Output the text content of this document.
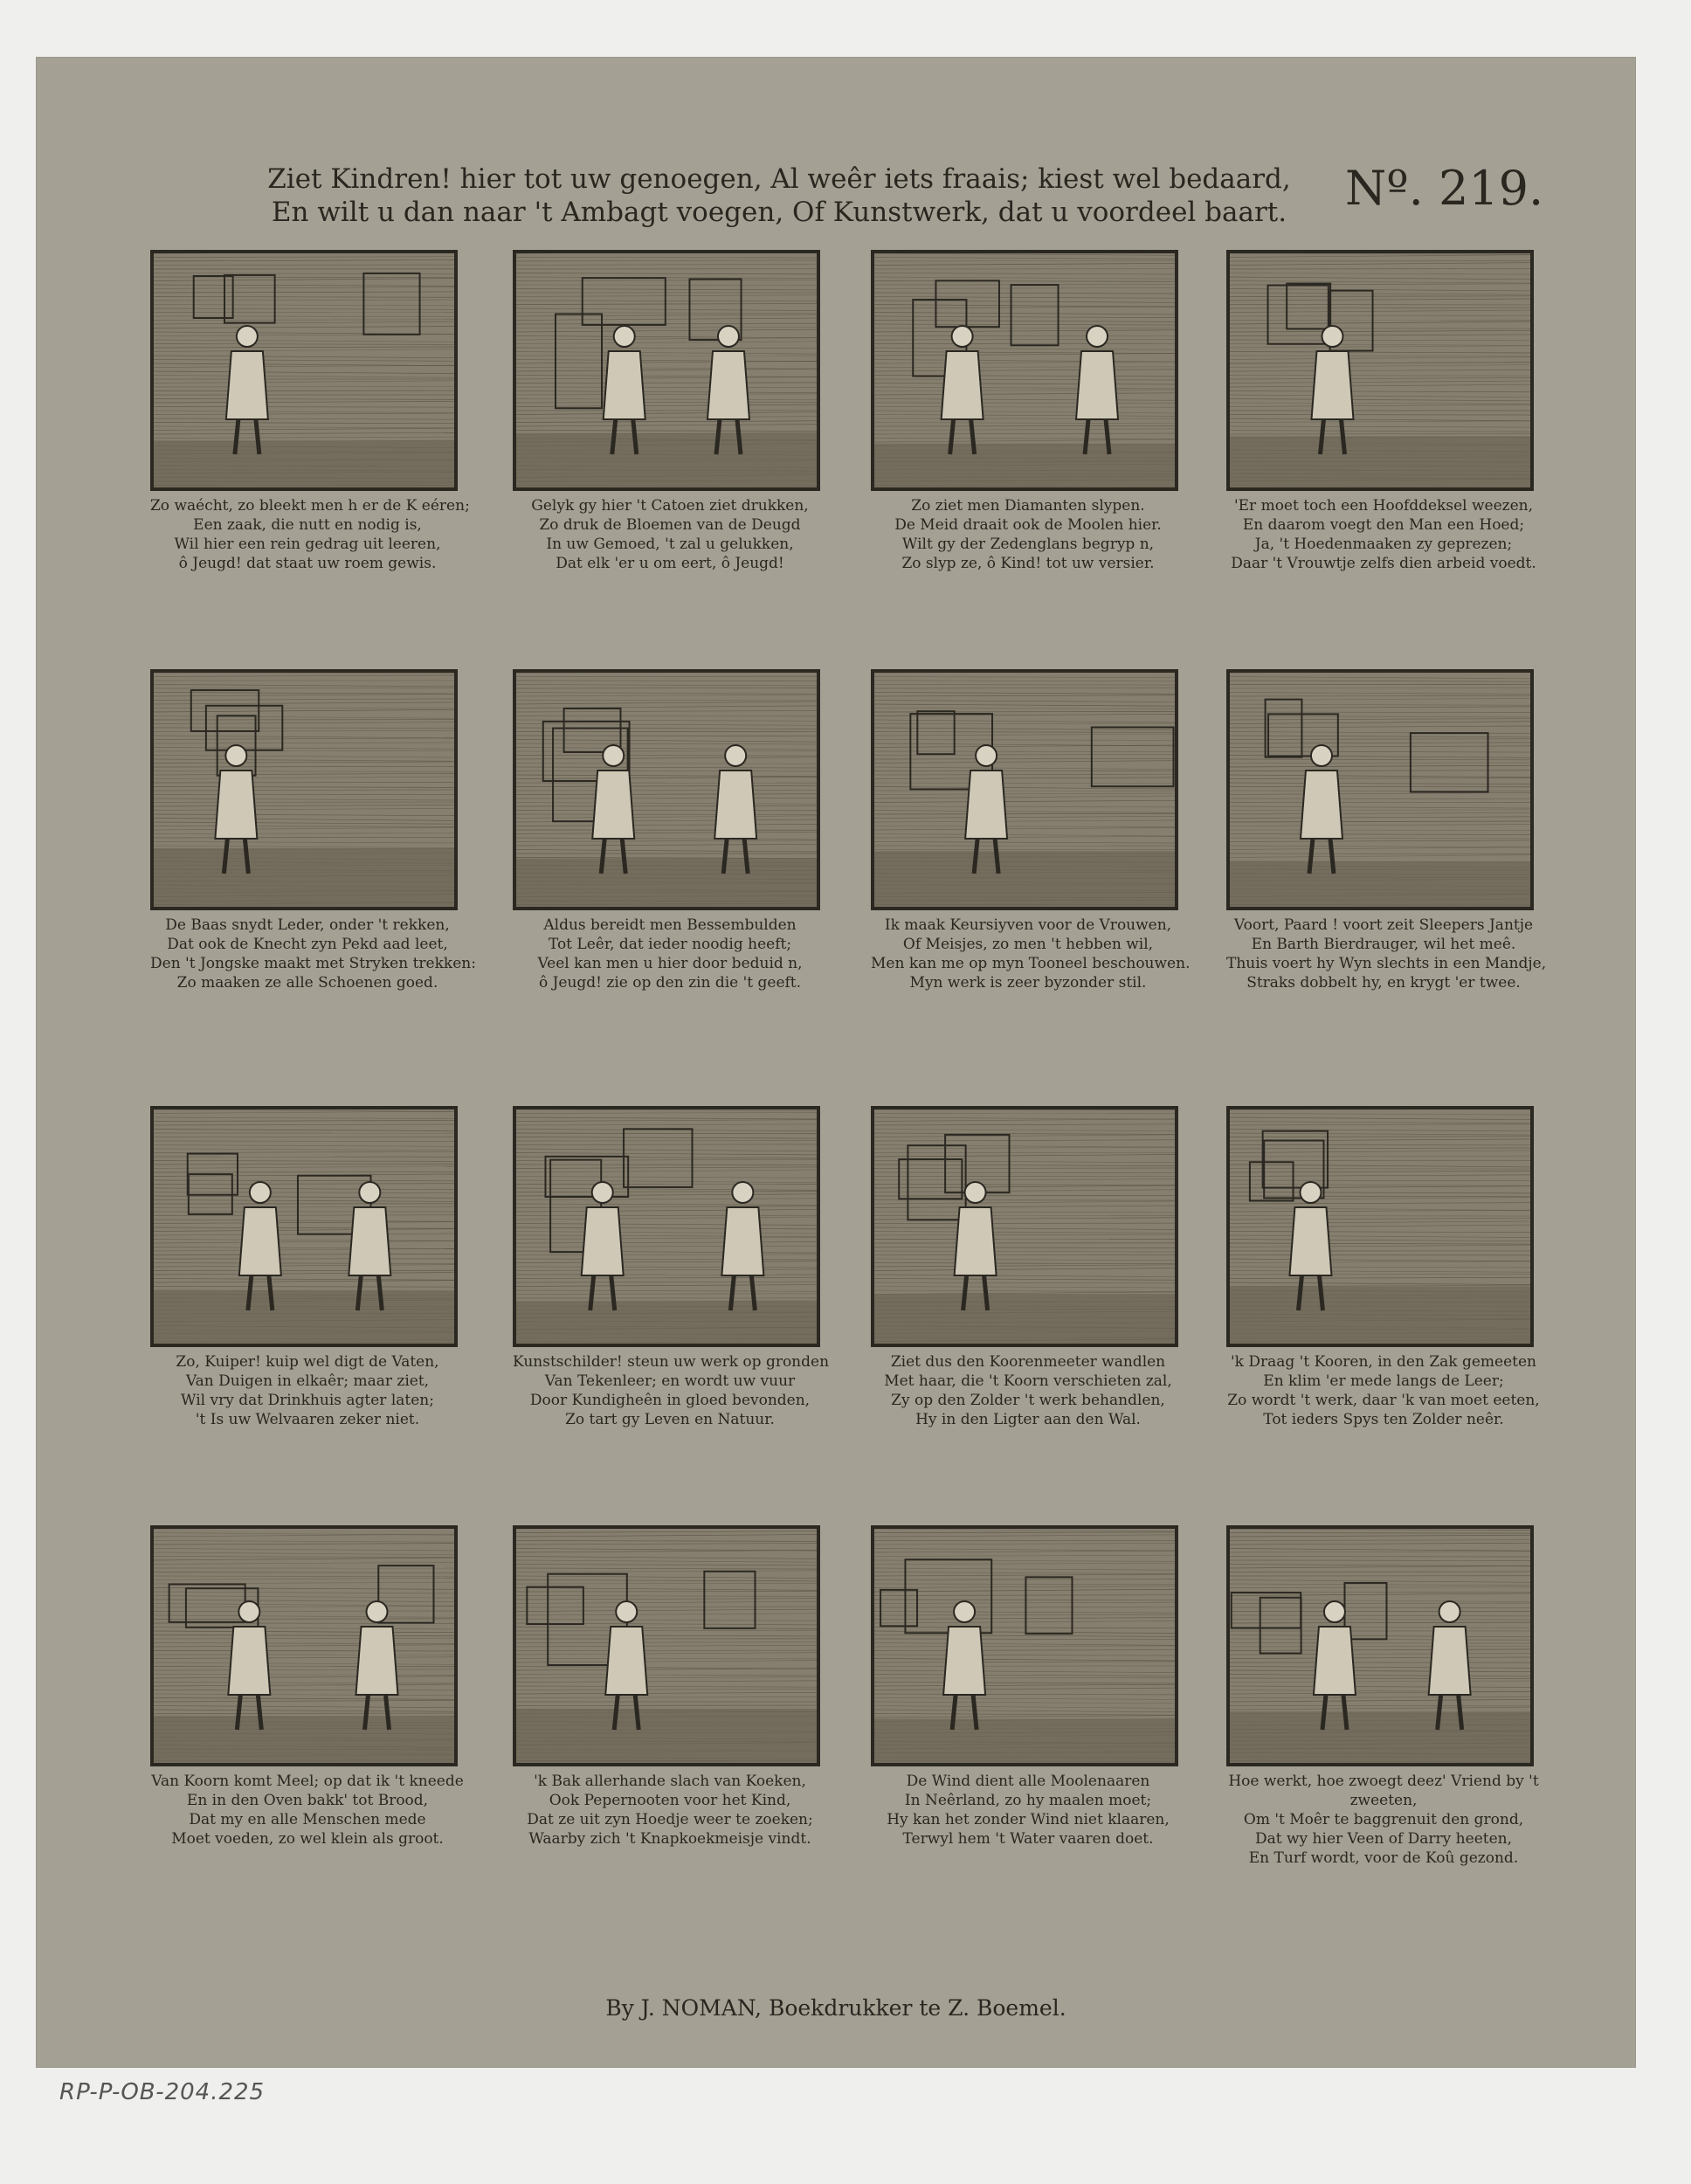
Ziet Kindren! hier tot uw genoegen, Al weêr iets fraais; kiest wel bedaard,
En wilt u dan naar 't Ambagt voegen, Of Kunstwerk, dat u voordeel baart.	Nº. 219.
Zo waécht, zo bleekt men h er de K eéren;
Een zaak, die nutt en nodig is,
Wil hier een rein gedrag uit leeren,
ô Jeugd! dat staat uw roem gewis.
Gelyk gy hier 't Catoen ziet drukken,
Zo druk de Bloemen van de Deugd
In uw Gemoed, 't zal u gelukken,
Dat elk 'er u om eert, ô Jeugd!
Zo ziet men Diamanten slypen.
De Meid draait ook de Moolen hier.
Wilt gy der Zedenglans begryp n,
Zo slyp ze, ô Kind! tot uw versier.
'Er moet toch een Hoofddeksel weezen,
En daarom voegt den Man een Hoed;
Ja, 't Hoedenmaaken zy geprezen;
Daar 't Vrouwtje zelfs dien arbeid voedt.
De Baas snydt Leder, onder 't rekken,
Dat ook de Knecht zyn Pekd aad leet,
Den 't Jongske maakt met Stryken trekken:
Zo maaken ze alle Schoenen goed.
Aldus bereidt men Bessembulden
Tot Leêr, dat ieder noodig heeft;
Veel kan men u hier door beduid n,
ô Jeugd! zie op den zin die 't geeft.
Ik maak Keursiyven voor de Vrouwen,
Of Meisjes, zo men 't hebben wil,
Men kan me op myn Tooneel beschouwen.
Myn werk is zeer byzonder stil.
Voort, Paard ! voort zeit Sleepers Jantje
En Barth Bierdrauger, wil het meê.
Thuis voert hy Wyn slechts in een Mandje,
Straks dobbelt hy, en krygt 'er twee.
Zo, Kuiper! kuip wel digt de Vaten,
Van Duigen in elkaêr; maar ziet,
Wil vry dat Drinkhuis agter laten;
't Is uw Welvaaren zeker niet.
Kunstschilder! steun uw werk op gronden
Van Tekenleer; en wordt uw vuur
Door Kundigheên in gloed bevonden,
Zo tart gy Leven en Natuur.
Ziet dus den Koorenmeeter wandlen
Met haar, die 't Koorn verschieten zal,
Zy op den Zolder 't werk behandlen,
Hy in den Ligter aan den Wal.
'k Draag 't Kooren, in den Zak gemeeten
En klim 'er mede langs de Leer;
Zo wordt 't werk, daar 'k van moet eeten,
Tot ieders Spys ten Zolder neêr.
Van Koorn komt Meel; op dat ik 't kneede
En in den Oven bakk' tot Brood,
Dat my en alle Menschen mede
Moet voeden, zo wel klein als groot.
'k Bak allerhande slach van Koeken,
Ook Pepernooten voor het Kind,
Dat ze uit zyn Hoedje weer te zoeken;
Waarby zich 't Knapkoekmeisje vindt.
De Wind dient alle Moolenaaren
In Neêrland, zo hy maalen moet;
Hy kan het zonder Wind niet klaaren,
Terwyl hem 't Water vaaren doet.
Hoe werkt, hoe zwoegt deez' Vriend by 't
zweeten,
Om 't Moêr te baggrenuit den grond,
Dat wy hier Veen of Darry heeten,
En Turf wordt, voor de Koû gezond.
By J. NOMAN, Boekdrukker te Z. Boemel.
RP-P-OB-204.225
